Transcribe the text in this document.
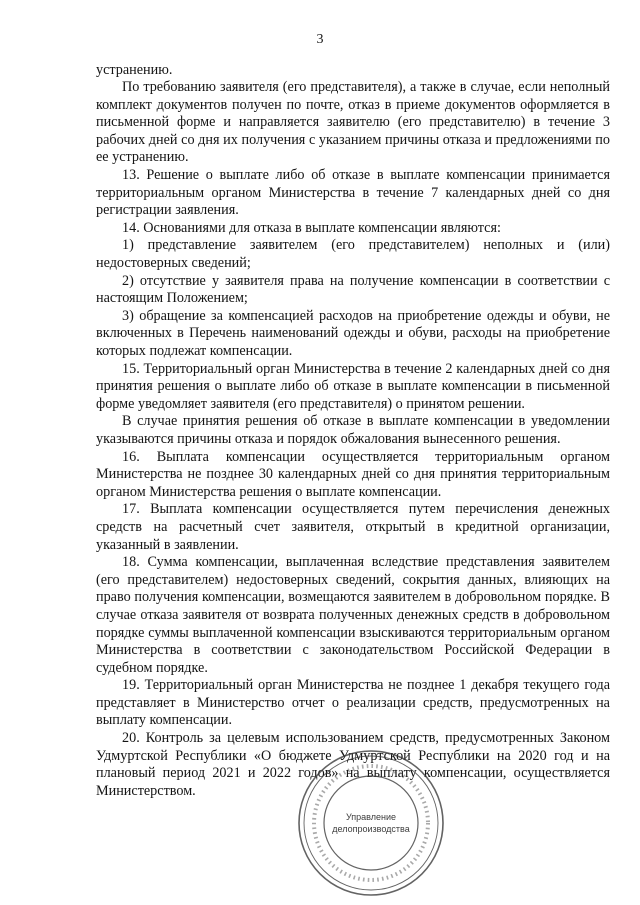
3

устранению.

По требованию заявителя (его представителя), а также в случае, если неполный комплект документов получен по почте, отказ в приеме документов оформляется в письменной форме и направляется заявителю (его представителю) в течение 3 рабочих дней со дня их получения с указанием причины отказа и предложениями по ее устранению.

13. Решение о выплате либо об отказе в выплате компенсации принимается территориальным органом Министерства в течение 7 календарных дней со дня регистрации заявления.

14. Основаниями для отказа в выплате компенсации являются:

1) представление заявителем (его представителем) неполных и (или) недостоверных сведений;

2) отсутствие у заявителя права на получение компенсации в соответствии с настоящим Положением;

3) обращение за компенсацией расходов на приобретение одежды и обуви, не включенных в Перечень наименований одежды и обуви, расходы на приобретение которых подлежат компенсации.

15. Территориальный орган Министерства в течение 2 календарных дней со дня принятия решения о выплате либо об отказе в выплате компенсации в письменной форме уведомляет заявителя (его представителя) о принятом решении.

В случае принятия решения об отказе в выплате компенсации в уведомлении указываются причины отказа и порядок обжалования вынесенного решения.

16. Выплата компенсации осуществляется территориальным органом Министерства не позднее 30 календарных дней со дня принятия территориальным органом Министерства решения о выплате компенсации.

17. Выплата компенсации осуществляется путем перечисления денежных средств на расчетный счет заявителя, открытый в кредитной организации, указанный в заявлении.

18. Сумма компенсации, выплаченная вследствие представления заявителем (его представителем) недостоверных сведений, сокрытия данных, влияющих на право получения компенсации, возмещаются заявителем в добровольном порядке. В случае отказа заявителя от возврата полученных денежных средств в добровольном порядке суммы выплаченной компенсации взыскиваются территориальным органом Министерства в соответствии с законодательством Российской Федерации в судебном порядке.

19. Территориальный орган Министерства не позднее 1 декабря текущего года представляет в Министерство отчет о реализации средств, предусмотренных на выплату компенсации.

20. Контроль за целевым использованием средств, предусмотренных Законом Удмуртской Республики «О бюджете Удмуртской Республики на 2020 год и на плановый период 2021 и 2022 годов» на выплату компенсации, осуществляется Министерством.

Управление
делопроизводства
